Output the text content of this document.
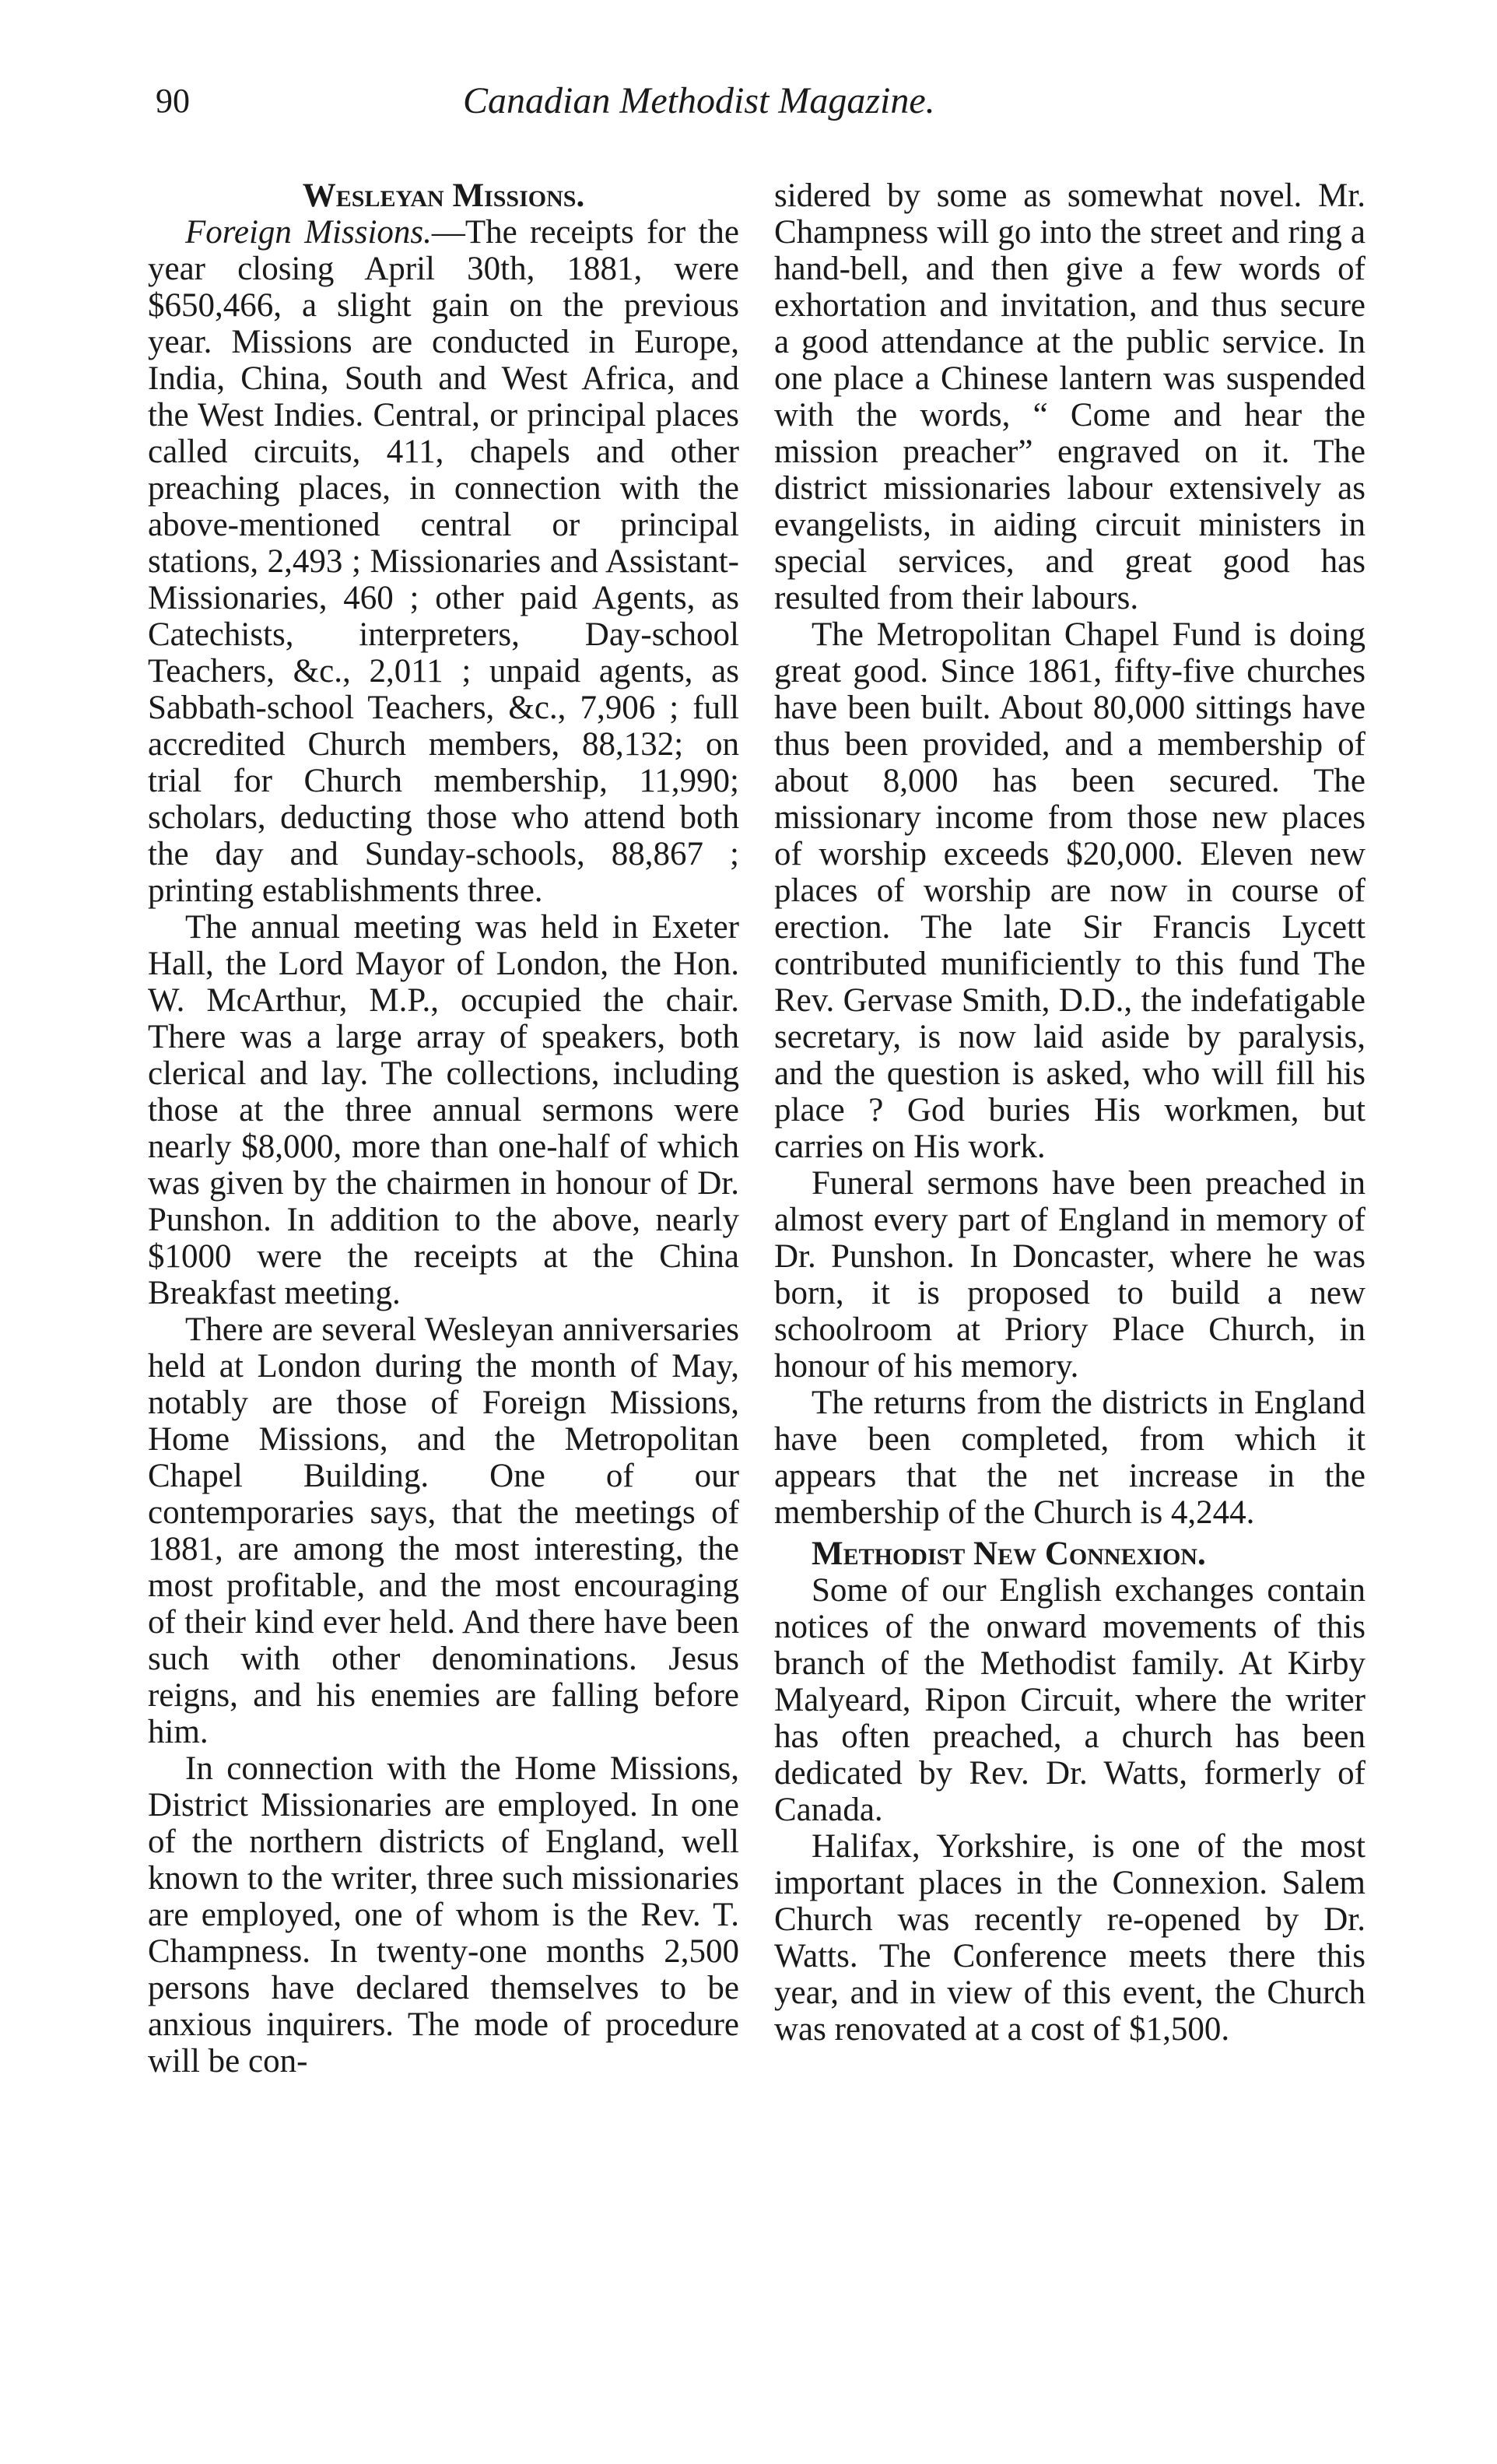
90	Canadian Methodist Magazine.
Wesleyan Missions.

Foreign Missions.—The receipts for the year closing April 30th, 1881, were $650,466, a slight gain on the previous year. Missions are conducted in Europe, India, China, South and West Africa, and the West Indies. Central, or principal places called circuits, 411, chapels and other preaching places, in connection with the above-mentioned central or principal stations, 2,493 ; Missionaries and Assistant-Missionaries, 460 ; other paid Agents, as Catechists, interpreters, Day-school Teachers, &c., 2,011 ; unpaid agents, as Sabbath-school Teachers, &c., 7,906 ; full accredited Church members, 88,132; on trial for Church membership, 11,990; scholars, deducting those who attend both the day and Sunday-schools, 88,867 ; printing establishments three.

The annual meeting was held in Exeter Hall, the Lord Mayor of London, the Hon. W. McArthur, M.P., occupied the chair. There was a large array of speakers, both clerical and lay. The collections, including those at the three annual sermons were nearly $8,000, more than one-half of which was given by the chairmen in honour of Dr. Punshon. In addition to the above, nearly $1000 were the receipts at the China Breakfast meeting.

There are several Wesleyan anniversaries held at London during the month of May, notably are those of Foreign Missions, Home Missions, and the Metropolitan Chapel Building. One of our contemporaries says, that the meetings of 1881, are among the most interesting, the most profitable, and the most encouraging of their kind ever held. And there have been such with other denominations. Jesus reigns, and his enemies are falling before him.

In connection with the Home Missions, District Missionaries are employed. In one of the northern districts of England, well known to the writer, three such missionaries are employed, one of whom is the Rev. T. Champness. In twenty-one months 2,500 persons have declared themselves to be anxious inquirers. The mode of procedure will be con-

sidered by some as somewhat novel. Mr. Champness will go into the street and ring a hand-bell, and then give a few words of exhortation and invitation, and thus secure a good attendance at the public service. In one place a Chinese lantern was suspended with the words, “ Come and hear the mission preacher” engraved on it. The district missionaries labour extensively as evangelists, in aiding circuit ministers in special services, and great good has resulted from their labours.

The Metropolitan Chapel Fund is doing great good. Since 1861, fifty-five churches have been built. About 80,000 sittings have thus been provided, and a membership of about 8,000 has been secured. The missionary income from those new places of worship exceeds $20,000. Eleven new places of worship are now in course of erection. The late Sir Francis Lycett contributed munificiently to this fund The Rev. Gervase Smith, D.D., the indefatigable secretary, is now laid aside by paralysis, and the question is asked, who will fill his place ? God buries His workmen, but carries on His work.

Funeral sermons have been preached in almost every part of England in memory of Dr. Punshon. In Doncaster, where he was born, it is proposed to build a new schoolroom at Priory Place Church, in honour of his memory.

The returns from the districts in England have been completed, from which it appears that the net increase in the membership of the Church is 4,244.

Methodist New Connexion.

Some of our English exchanges contain notices of the onward movements of this branch of the Methodist family. At Kirby Malyeard, Ripon Circuit, where the writer has often preached, a church has been dedicated by Rev. Dr. Watts, formerly of Canada.

Halifax, Yorkshire, is one of the most important places in the Connexion. Salem Church was recently re-opened by Dr. Watts. The Conference meets there this year, and in view of this event, the Church was renovated at a cost of $1,500.
